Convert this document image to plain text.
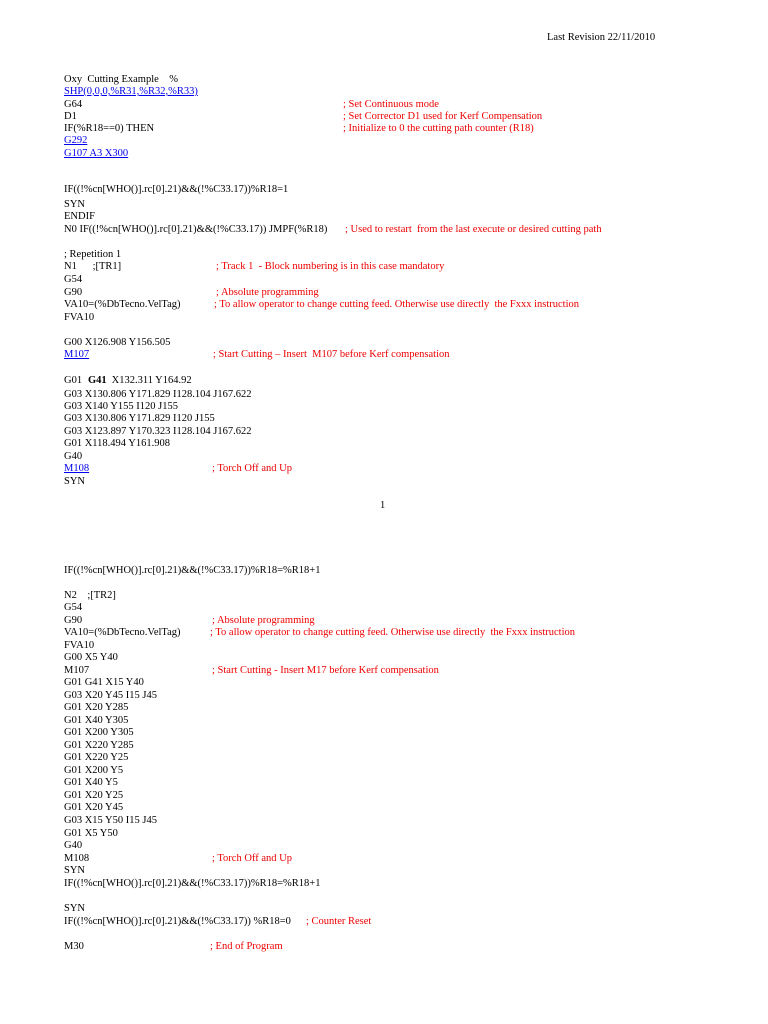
Last Revision 22/11/2010
Oxy  Cutting Example    %
SHP(0,0,0,%R31,%R32,%R33)
G64	; Set Continuous mode
D1	; Set Corrector D1 used for Kerf Compensation
IF(%R18==0) THEN	; Initialize to 0 the cutting path counter (R18)
G292
G107 A3 X300
IF((!%cn[WHO()].rc[0].21)&&(!%C33.17))%R18=1
SYN
ENDIF
N0 IF((!%cn[WHO()].rc[0].21)&&(!%C33.17)) JMPF(%R18) ; Used to restart  from the last execute or desired cutting path
; Repetition 1
N1      ;[TR1]	; Track 1  - Block numbering is in this case mandatory
G54
G90	; Absolute programming
VA10=(%DbTecno.VelTag)	; To allow operator to change cutting feed. Otherwise use directly  the Fxxx instruction
FVA10
G00 X126.908 Y156.505
M107	; Start Cutting – Insert  M107 before Kerf compensation
G01 G41 X132.311 Y164.92
G03 X130.806 Y171.829 I128.104 J167.622
G03 X140 Y155 I120 J155
G03 X130.806 Y171.829 I120 J155
G03 X123.897 Y170.323 I128.104 J167.622
G01 X118.494 Y161.908
G40
M108	; Torch Off and Up
SYN
IF((!%cn[WHO()].rc[0].21)&&(!%C33.17))%R18=%R18+1
N2    ;[TR2]
G54
G90	; Absolute programming
VA10=(%DbTecno.VelTag)	; To allow operator to change cutting feed. Otherwise use directly  the Fxxx instruction
FVA10
G00 X5 Y40
M107	; Start Cutting - Insert M17 before Kerf compensation
G01 G41 X15 Y40
G03 X20 Y45 I15 J45
G01 X20 Y285
G01 X40 Y305
G01 X200 Y305
G01 X220 Y285
G01 X220 Y25
G01 X200 Y5
G01 X40 Y5
G01 X20 Y25
G01 X20 Y45
G03 X15 Y50 I15 J45
G01 X5 Y50
G40
M108	; Torch Off and Up
SYN
IF((!%cn[WHO()].rc[0].21)&&(!%C33.17))%R18=%R18+1
SYN
IF((!%cn[WHO()].rc[0].21)&&(!%C33.17)) %R18=0 ; Counter Reset
M30	; End of Program
1
